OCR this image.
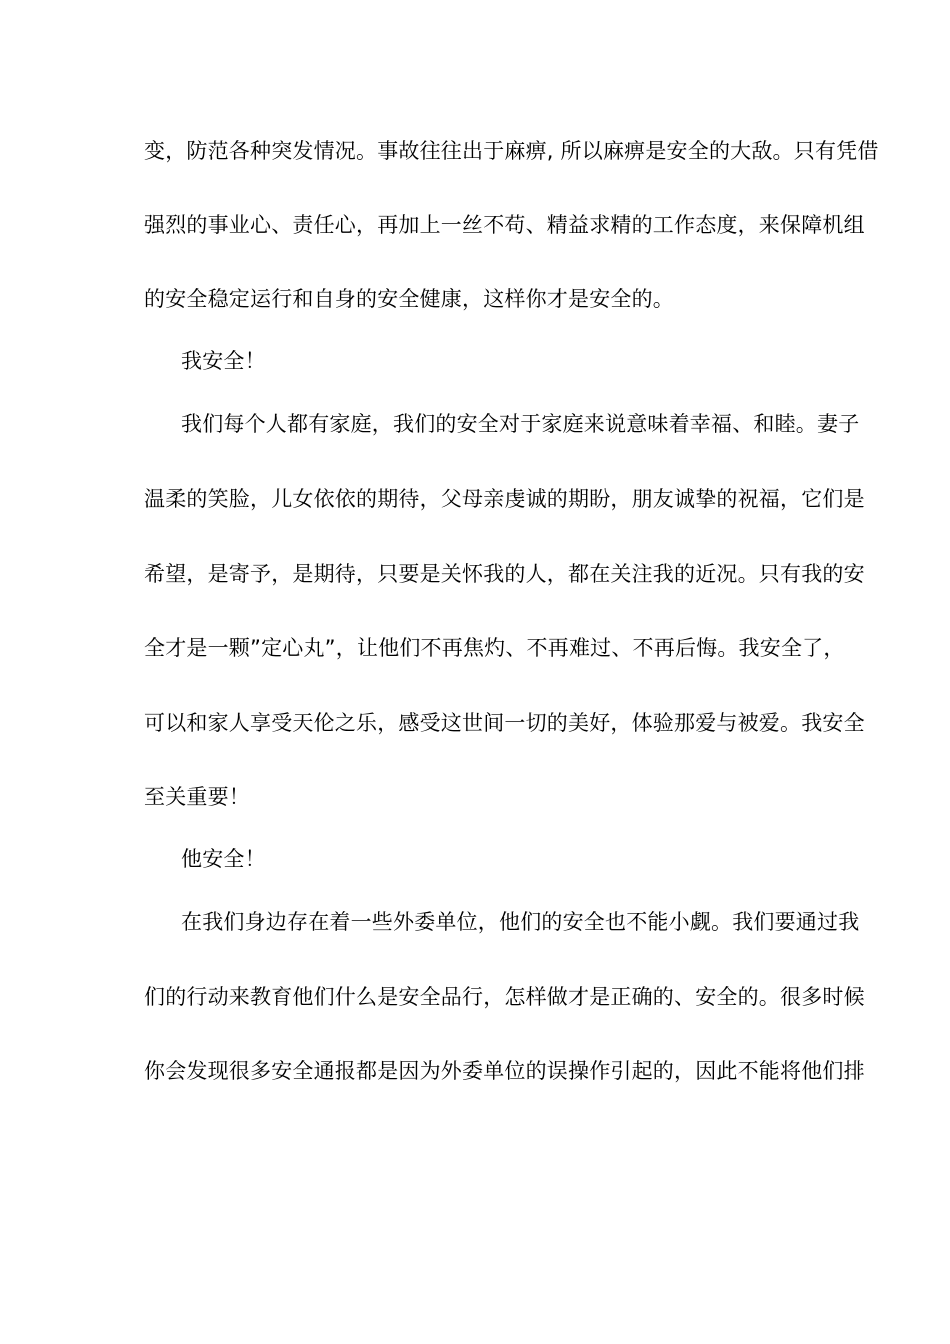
变，防范各种突发情况。事故往往出于麻痹, 所以麻痹是安全的大敌。只有凭借
强烈的事业心、责任心，再加上一丝不苟、精益求精的工作态度，来保障机组
的安全稳定运行和自身的安全健康，这样你才是安全的。
我安全！
我们每个人都有家庭，我们的安全对于家庭来说意味着幸福、和睦。妻子
温柔的笑脸，儿女依依的期待，父母亲虔诚的期盼，朋友诚挚的祝福，它们是
希望，是寄予，是期待，只要是关怀我的人，都在关注我的近况。只有我的安
全才是一颗”定心丸”，让他们不再焦灼、不再难过、不再后悔。我安全了，
可以和家人享受天伦之乐，感受这世间一切的美好，体验那爱与被爱。我安全
至关重要！
他安全！
在我们身边存在着一些外委单位，他们的安全也不能小觑。我们要通过我
们的行动来教育他们什么是安全品行，怎样做才是正确的、安全的。很多时候
你会发现很多安全通报都是因为外委单位的误操作引起的，因此不能将他们排
